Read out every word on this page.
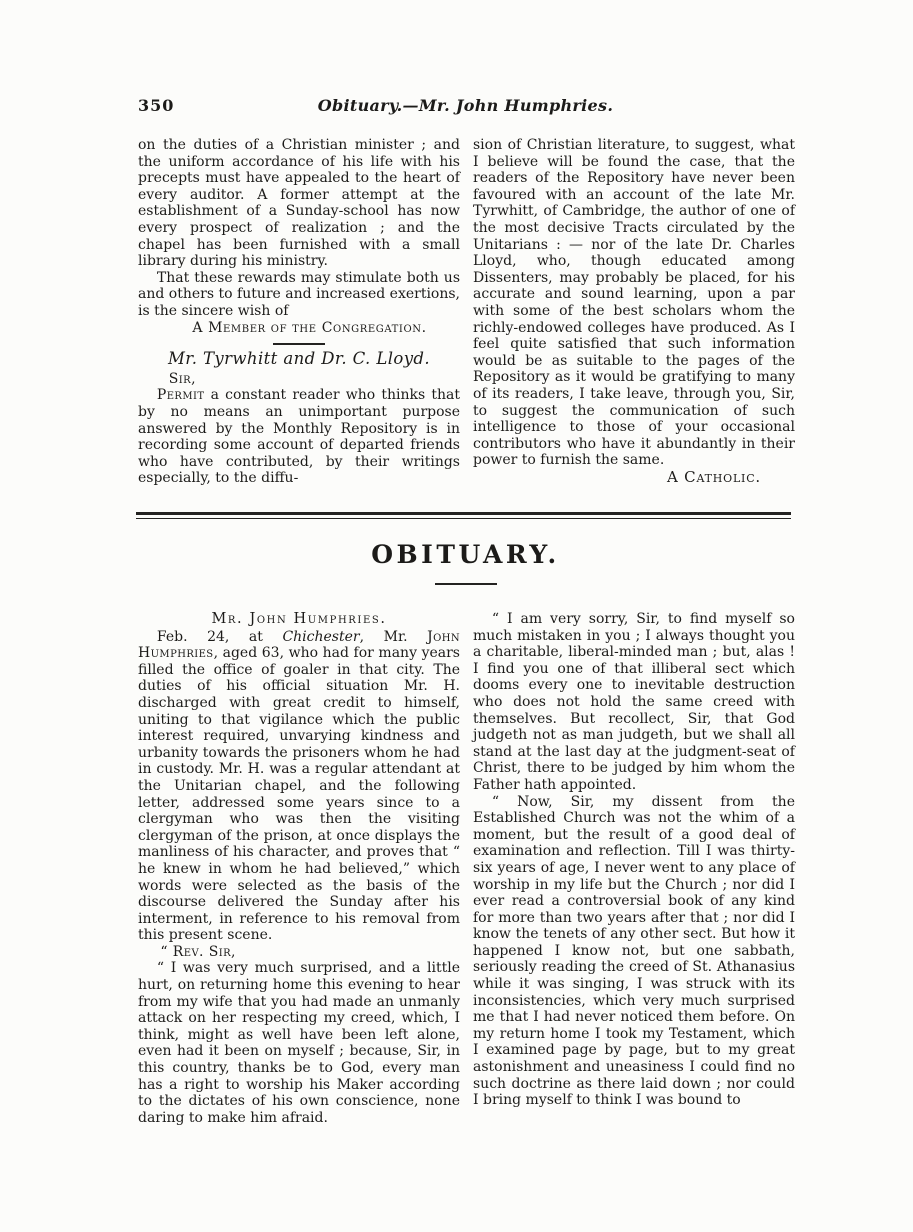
350	Obituary.—Mr. John Humphries.

on the duties of a Christian minister ; and the uniform accordance of his life with his precepts must have appealed to the heart of every auditor. A former attempt at the establishment of a Sunday-school has now every prospect of realization ; and the chapel has been furnished with a small library during his ministry.

That these rewards may stimulate both us and others to future and increased exertions, is the sincere wish of

A Member of the Congregation.

Mr. Tyrwhitt and Dr. C. Lloyd.

Sir,

Permit a constant reader who thinks that by no means an unimportant purpose answered by the Monthly Repository is in recording some account of departed friends who have contributed, by their writings especially, to the diffu-

sion of Christian literature, to suggest, what I believe will be found the case, that the readers of the Repository have never been favoured with an account of the late Mr. Tyrwhitt, of Cambridge, the author of one of the most decisive Tracts circulated by the Unitarians : — nor of the late Dr. Charles Lloyd, who, though educated among Dissenters, may probably be placed, for his accurate and sound learning, upon a par with some of the best scholars whom the richly-endowed colleges have produced. As I feel quite satisfied that such information would be as suitable to the pages of the Repository as it would be gratifying to many of its readers, I take leave, through you, Sir, to suggest the communication of such intelligence to those of your occasional contributors who have it abundantly in their power to furnish the same.

A Catholic.

OBITUARY.

Mr. John Humphries.

Feb. 24, at Chichester, Mr. John Humphries, aged 63, who had for many years filled the office of goaler in that city. The duties of his official situation Mr. H. discharged with great credit to himself, uniting to that vigilance which the public interest required, unvarying kindness and urbanity towards the prisoners whom he had in custody. Mr. H. was a regular attendant at the Unitarian chapel, and the following letter, addressed some years since to a clergyman who was then the visiting clergyman of the prison, at once displays the manliness of his character, and proves that “ he knew in whom he had believed,” which words were selected as the basis of the discourse delivered the Sunday after his interment, in reference to his removal from this present scene.

“ Rev. Sir,

“ I was very much surprised, and a little hurt, on returning home this evening to hear from my wife that you had made an unmanly attack on her respecting my creed, which, I think, might as well have been left alone, even had it been on myself ; because, Sir, in this country, thanks be to God, every man has a right to worship his Maker according to the dictates of his own conscience, none daring to make him afraid.

“ I am very sorry, Sir, to find myself so much mistaken in you ; I always thought you a charitable, liberal-minded man ; but, alas ! I find you one of that illiberal sect which dooms every one to inevitable destruction who does not hold the same creed with themselves. But recollect, Sir, that God judgeth not as man judgeth, but we shall all stand at the last day at the judgment-seat of Christ, there to be judged by him whom the Father hath appointed.

“ Now, Sir, my dissent from the Established Church was not the whim of a moment, but the result of a good deal of examination and reflection. Till I was thirty-six years of age, I never went to any place of worship in my life but the Church ; nor did I ever read a controversial book of any kind for more than two years after that ; nor did I know the tenets of any other sect. But how it happened I know not, but one sabbath, seriously reading the creed of St. Athanasius while it was singing, I was struck with its inconsistencies, which very much surprised me that I had never noticed them before. On my return home I took my Testament, which I examined page by page, but to my great astonishment and uneasiness I could find no such doctrine as there laid down ; nor could I bring myself to think I was bound to
